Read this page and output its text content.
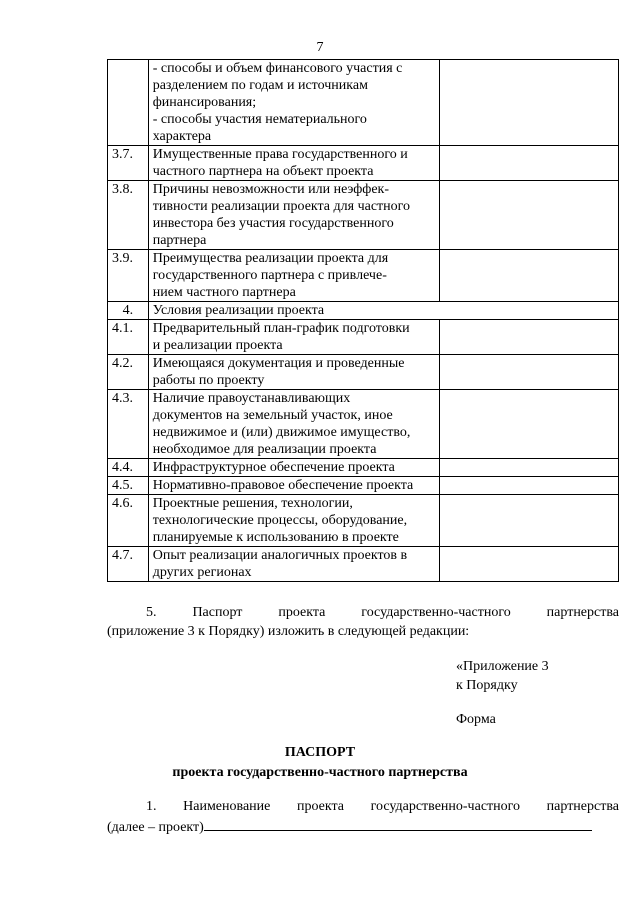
7

	- способы и объем финансового участия с
разделением по годам и источникам
финансирования;
- способы участия нематериального
характера	

3.7.	Имущественные права государственного и
частного партнера на объект проекта	

3.8.	Причины невозможности или неэффек-
тивности реализации проекта для частного
инвестора без участия государственного
партнера	

3.9.	Преимущества реализации проекта для
государственного партнера с привлече-
нием частного партнера	

4.	Условия реализации проекта	
4.1.	Предварительный план-график подготовки
и реализации проекта	

4.2.	Имеющаяся документация и проведенные
работы по проекту	

4.3.	Наличие правоустанавливающих
документов на земельный участок, иное
недвижимое и (или) движимое имущество,
необходимое для реализации проекта	

4.4.	Инфраструктурное обеспечение проекта	
4.5.	Нормативно-правовое обеспечение проекта	
4.6.	Проектные решения, технологии,
технологические процессы, оборудование,
планируемые к использованию в проекте	

4.7.	Опыт реализации аналогичных проектов в
других регионах	

5.     Паспорт     проекта     государственно-частного     партнерства
(приложение 3 к Порядку) изложить в следующей редакции:
«Приложение 3
к Порядку
Форма
ПАСПОРТ
проекта государственно-частного партнерства
1.     Наименование     проекта     государственно-частного     партнерства
(далее – проект)
